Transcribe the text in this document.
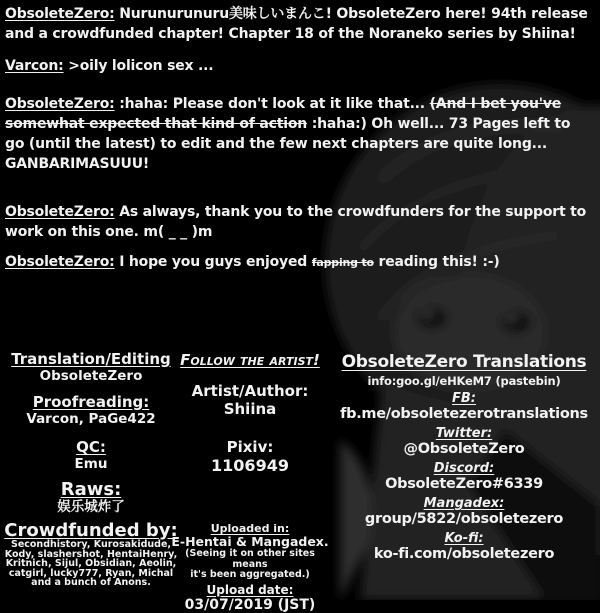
ObsoleteZero: Nurunurunuru美味しいまんこ! ObsoleteZero here! 94th release
and a crowdfunded chapter! Chapter 18 of the Noraneko series by Shiina!

Varcon: >oily lolicon sex ...

ObsoleteZero: :haha: Please don't look at it like that... (And I bet you've
somewhat expected that kind of action :haha:) Oh well... 73 Pages left to
go (until the latest) to edit and the few next chapters are quite long...
GANBARIMASUUU!

ObsoleteZero: As always, thank you to the crowdfunders for the support to
work on this one. m( _ _ )m

ObsoleteZero: I hope you guys enjoyed fapping to reading this! :-)

Translation/Editing
ObsoleteZero
Proofreading:
Varcon, PaGe422
QC:
Emu
Raws:
娱乐城炸了
Crowdfunded by:
Secondhistory, Kurosakidude, Kody, slashershot, HentaiHenry, Kritnich, Sijul, Obsidian, Aeolin, catgirl, lucky777, Ryan, Michal and a bunch of Anons.
Follow the artist!
Artist/Author:
Shiina
Pixiv:
1106949
Uploaded in:
E-Hentai & Mangadex.
(Seeing it on other sites means
it's been aggregated.)
Upload date:
03/07/2019 (JST)
ObsoleteZero Translations
info:goo.gl/eHKeM7 (pastebin)
FB:
fb.me/obsoletezerotranslations
Twitter:
@ObsoleteZero
Discord:
ObsoleteZero#6339
Mangadex:
group/5822/obsoletezero
Ko-fi:
ko-fi.com/obsoletezero
